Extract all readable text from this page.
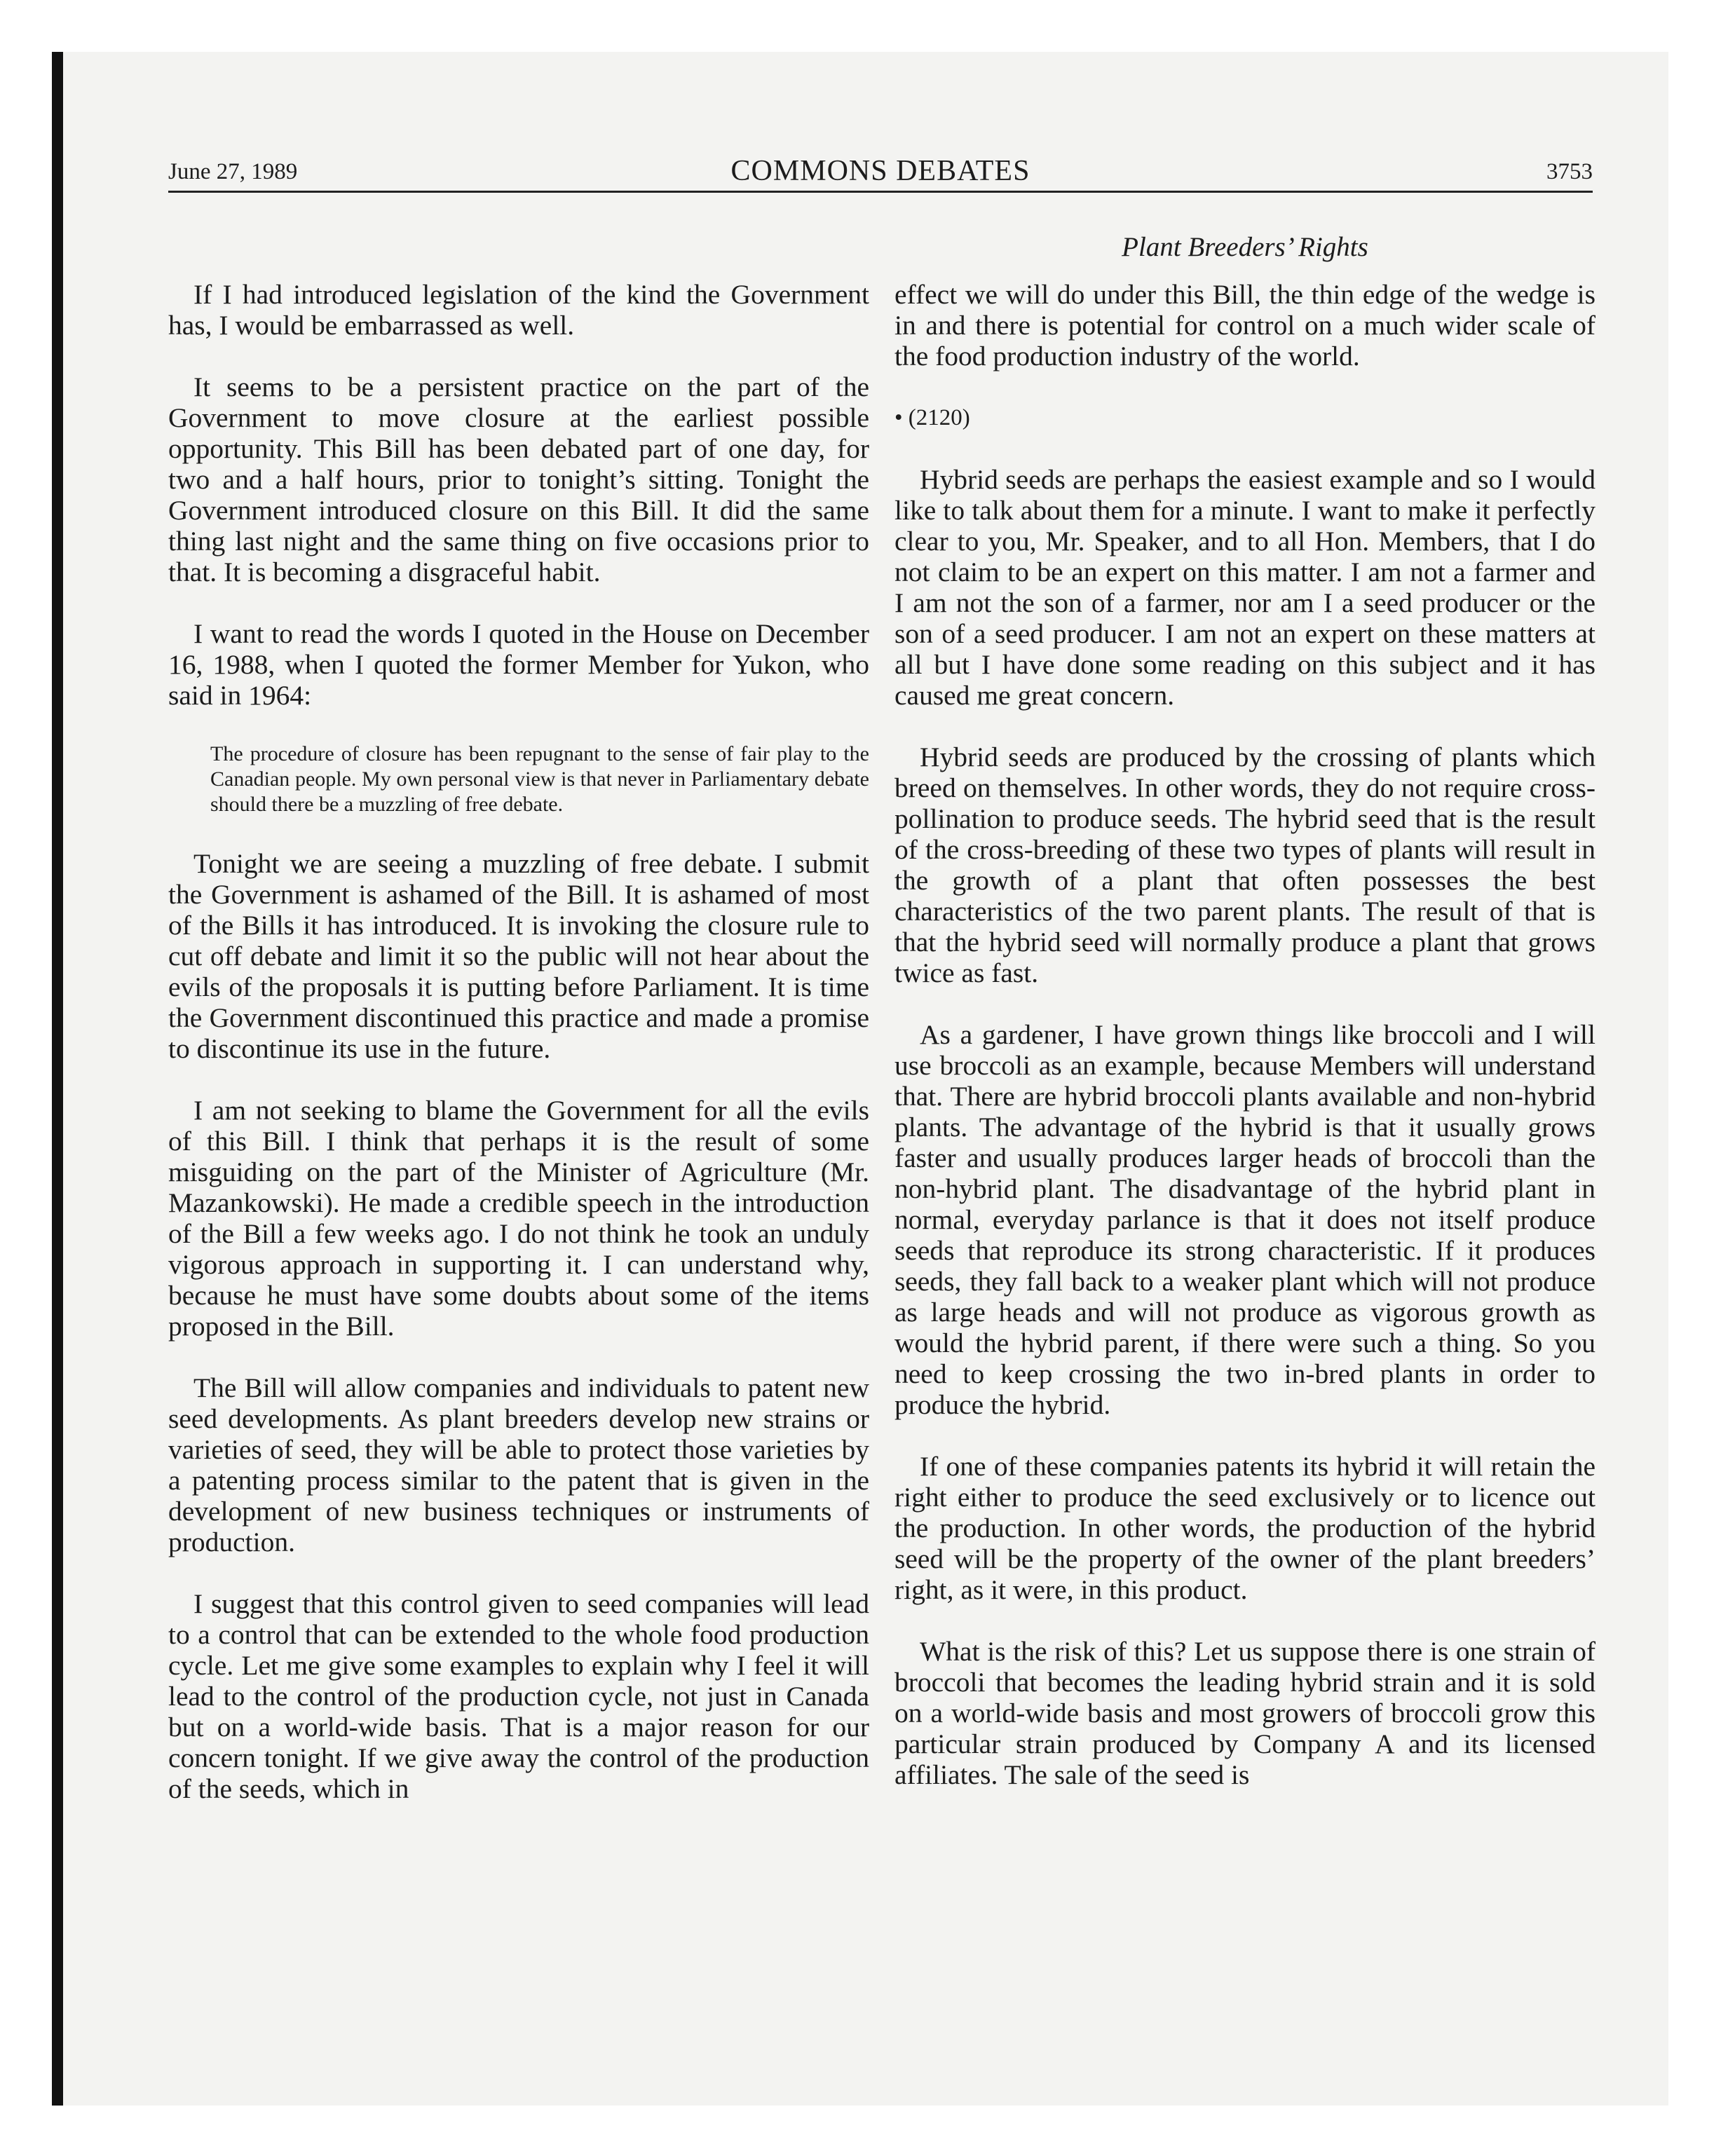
June 27, 1989	COMMONS DEBATES	3753
Plant Breeders’ Rights

If I had introduced legislation of the kind the Government has, I would be embarrassed as well.

It seems to be a persistent practice on the part of the Government to move closure at the earliest possible opportunity. This Bill has been debated part of one day, for two and a half hours, prior to tonight’s sitting. Tonight the Government introduced closure on this Bill. It did the same thing last night and the same thing on five occasions prior to that. It is becoming a disgraceful habit.

I want to read the words I quoted in the House on December 16, 1988, when I quoted the former Member for Yukon, who said in 1964:

The procedure of closure has been repugnant to the sense of fair play to the Canadian people. My own personal view is that never in Parliamentary debate should there be a muzzling of free debate.

Tonight we are seeing a muzzling of free debate. I submit the Government is ashamed of the Bill. It is ashamed of most of the Bills it has introduced. It is invoking the closure rule to cut off debate and limit it so the public will not hear about the evils of the proposals it is putting before Parliament. It is time the Government discontinued this practice and made a promise to discontinue its use in the future.

I am not seeking to blame the Government for all the evils of this Bill. I think that perhaps it is the result of some misguiding on the part of the Minister of Agriculture (Mr. Mazankowski). He made a credible speech in the introduction of the Bill a few weeks ago. I do not think he took an unduly vigorous approach in supporting it. I can understand why, because he must have some doubts about some of the items proposed in the Bill.

The Bill will allow companies and individuals to patent new seed developments. As plant breeders develop new strains or varieties of seed, they will be able to protect those varieties by a patenting process similar to the patent that is given in the development of new business techniques or instruments of production.

I suggest that this control given to seed companies will lead to a control that can be extended to the whole food production cycle. Let me give some examples to explain why I feel it will lead to the control of the production cycle, not just in Canada but on a world-wide basis. That is a major reason for our concern tonight. If we give away the control of the production of the seeds, which in

effect we will do under this Bill, the thin edge of the wedge is in and there is potential for control on a much wider scale of the food production industry of the world.

• (2120)

Hybrid seeds are perhaps the easiest example and so I would like to talk about them for a minute. I want to make it perfectly clear to you, Mr. Speaker, and to all Hon. Members, that I do not claim to be an expert on this matter. I am not a farmer and I am not the son of a farmer, nor am I a seed producer or the son of a seed producer. I am not an expert on these matters at all but I have done some reading on this subject and it has caused me great concern.

Hybrid seeds are produced by the crossing of plants which breed on themselves. In other words, they do not require cross-pollination to produce seeds. The hybrid seed that is the result of the cross-breeding of these two types of plants will result in the growth of a plant that often possesses the best characteristics of the two parent plants. The result of that is that the hybrid seed will normally produce a plant that grows twice as fast.

As a gardener, I have grown things like broccoli and I will use broccoli as an example, because Members will understand that. There are hybrid broccoli plants available and non-hybrid plants. The advantage of the hybrid is that it usually grows faster and usually produces larger heads of broccoli than the non-hybrid plant. The disadvantage of the hybrid plant in normal, everyday parlance is that it does not itself produce seeds that reproduce its strong characteristic. If it produces seeds, they fall back to a weaker plant which will not produce as large heads and will not produce as vigorous growth as would the hybrid parent, if there were such a thing. So you need to keep crossing the two in-bred plants in order to produce the hybrid.

If one of these companies patents its hybrid it will retain the right either to produce the seed exclusively or to licence out the production. In other words, the production of the hybrid seed will be the property of the owner of the plant breeders’ right, as it were, in this product.

What is the risk of this? Let us suppose there is one strain of broccoli that becomes the leading hybrid strain and it is sold on a world-wide basis and most growers of broccoli grow this particular strain produced by Company A and its licensed affiliates. The sale of the seed is
